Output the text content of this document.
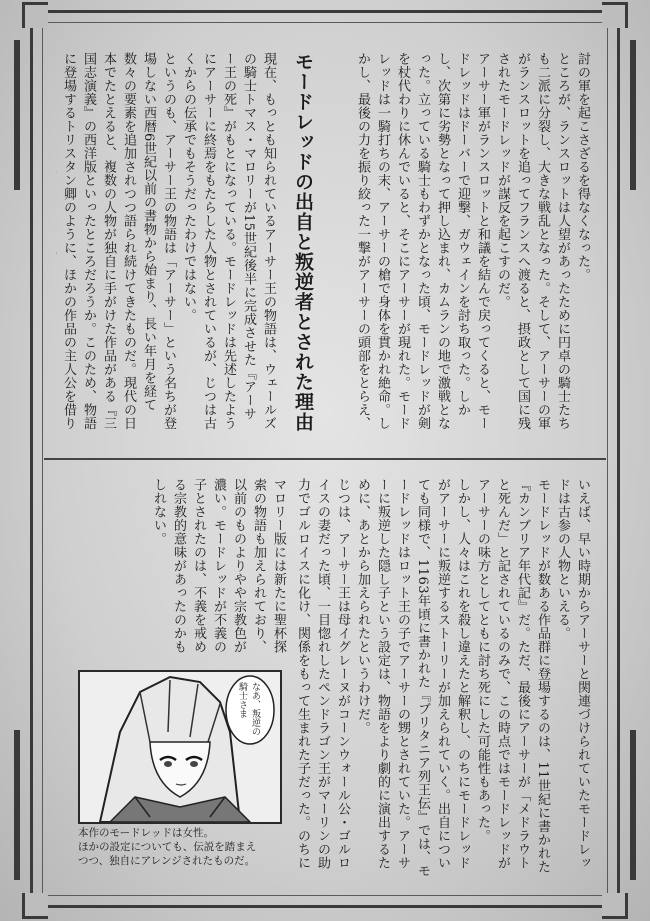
討の軍を起こさざるを得なくなった。

ところが、ランスロットは人望があったために円卓の騎士たちも二派に分裂し、大きな戦乱となった。そして、アーサーの軍がランスロットを追ってフランスへ渡ると、摂政として国に残されたモードレッドが謀反を起こすのだ。

アーサー軍がランスロットと和議を結んで戻ってくると、モードレッドはドーバーで迎撃、ガウェインを討ち取った。しかし、次第に劣勢となって押し込まれ、カムランの地で激戦となった。立っている騎士もわずかとなった頃、モードレッドが剣を杖代わりに休んでいると、そこにアーサーが現れた。モードレッドは一騎打ちの末、アーサーの槍で身体を貫かれ絶命。しかし、最後の力を振り絞った一撃がアーサーの頭部をとらえ、

モードレッドの出自と叛逆者とされた理由

現在、もっとも知られているアーサー王の物語は、ウェールズの騎士トマス・マロリーが15世紀後半に完成させた『アーサー王の死』がもとになっている。モードレッドは先述したようにアーサーに終焉をもたらした人物とされているが、じつは古くからの伝承でもそうだったわけではない。

というのも、アーサー王の物語は「アーサー」という名ちが登場しない西暦6世紀以前の書物から始まり、長い年月を経て数々の要素を追加されつつ語られ続けてきたものだ。現代の日本でたとえると、複数の人物が独自に手がけた作品がある『三国志演義』の西洋版といったところだろうか。このため、物語に登場するトリスタン卿のように、ほかの作品の主人公を借り

いえば、早い時期からアーサーと関連づけられていたモードレッドは古参の人物といえる。

モードレッドが数ある作品群に登場するのは、11世紀に書かれた『カンブリア年代記』だ。ただ、最後にアーサーが「メドラウトと死んだ」と記されているのみで、この時点ではモードレッドがアーサーの味方としてともに討ち死にした可能性もあった。

しかし、人々はこれを殺し違えたと解釈し、のちにモードレッドがアーサーに叛逆するストーリーが加えられていく。出自についても同様で、1163年頃に書かれた『ブリタニア列王伝』では、モードレッドはロット王の子でアーサーの甥とされていた。アーサーに叛逆した隠し子という設定は、物語をより劇的に演出するために、あとから加えられたというわけだ。

じつは、アーサー王は母イグレーヌがコーンウォール公・ゴルロイスの妻だった頃、一目惚れしたペンドラゴン王がマーリンの助力でゴルロイスに化け、関係をもって生まれた子だった。のちに

マロリー版には新たに聖杯探索の物語も加えられており、以前のものよりやや宗教色が濃い。モードレッドが不義の子とされたのは、不義を戒める宗教的意味があったのかもしれない。

なあ、叛逆の騎士さま

本作のモードレッドは女性。

ほかの設定についても、伝説を踏まえ

つつ、独自にアレンジされたものだ。
